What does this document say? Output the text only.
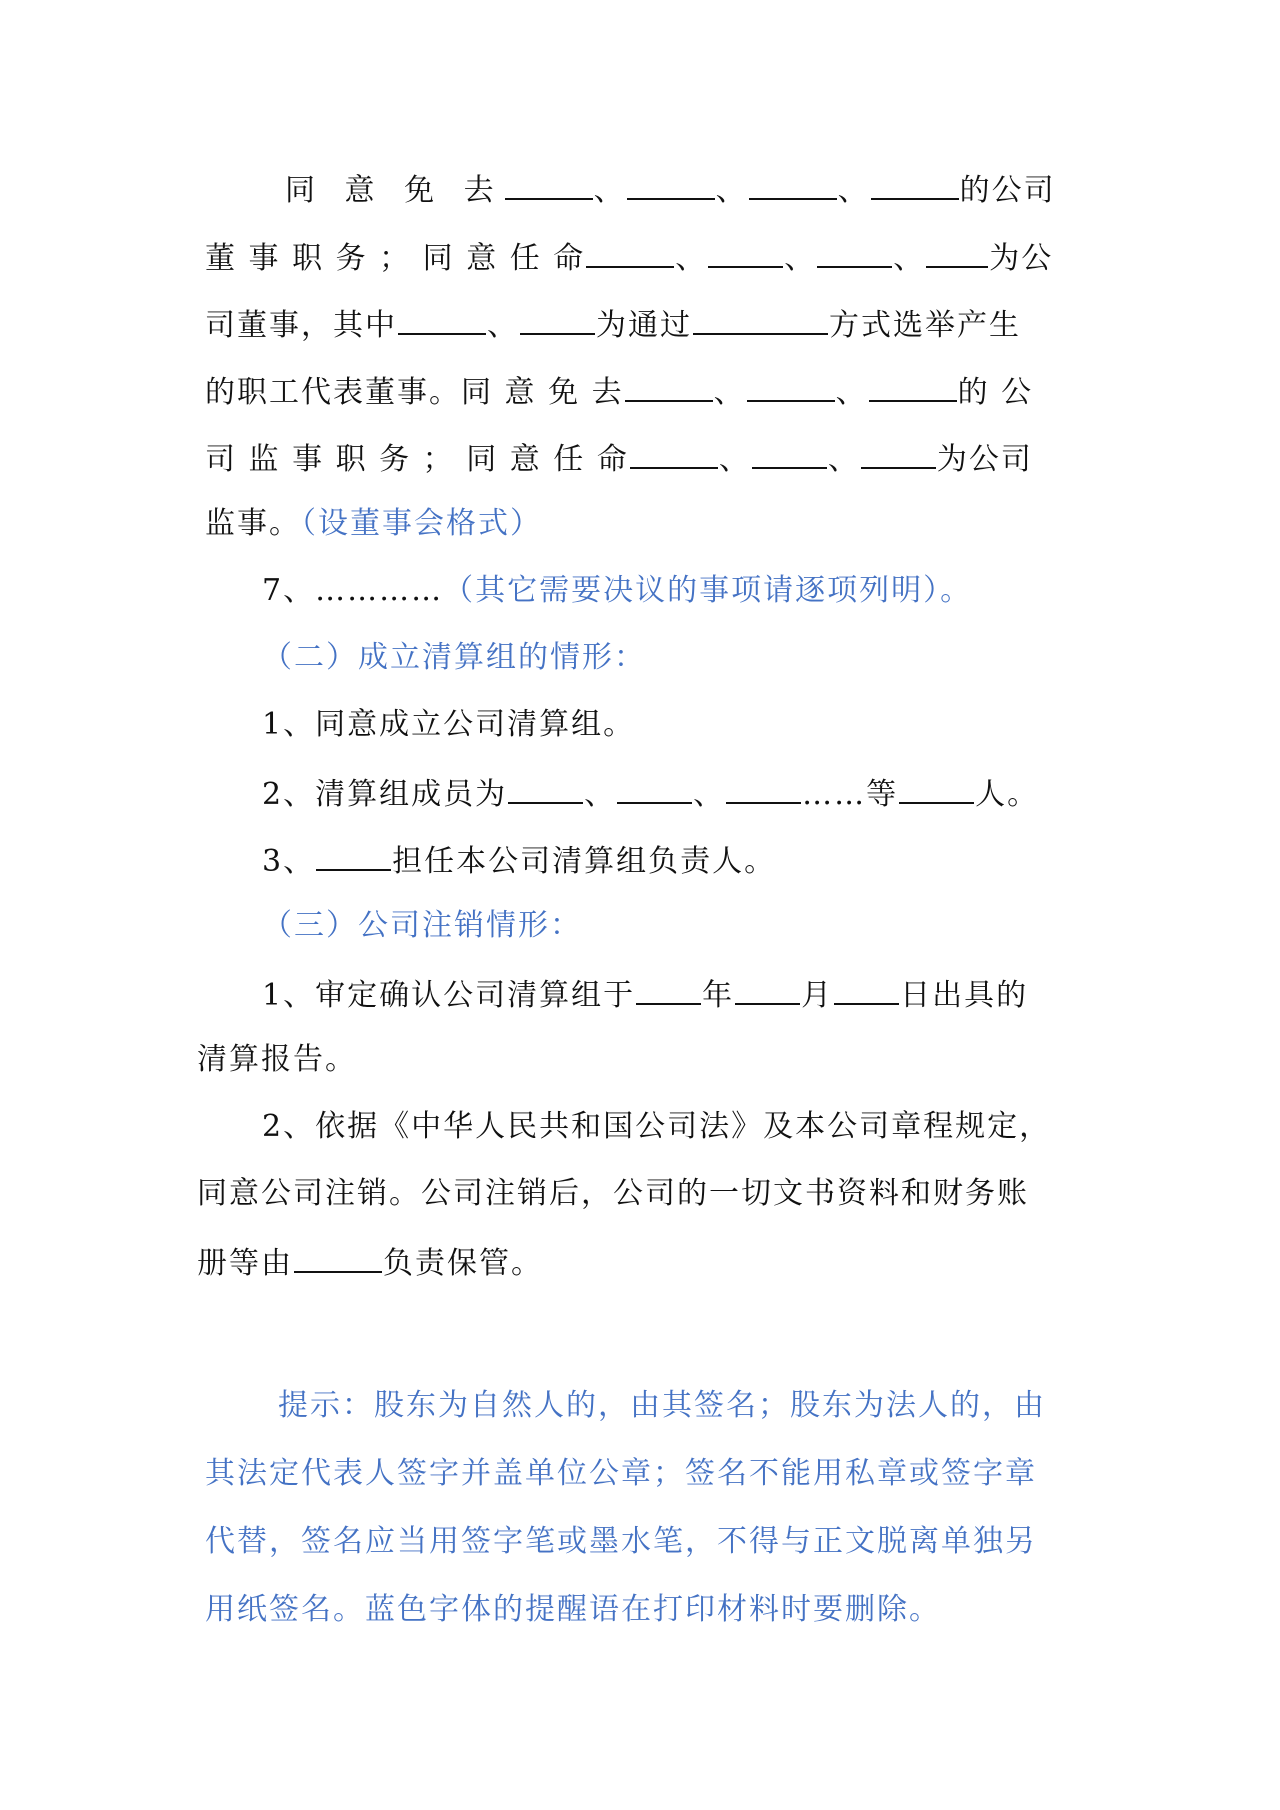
同 意 免 去	、	、	、	的公司
董 事 职 务 ； 同 意 任 命	、	、	、 为公
司董事，其中	、	为通过	方式选举产生
的职工代表董事。同 意 免 去	、	、	的 公
司 监 事 职 务 ； 同 意 任 命	、	、	为公司
监事。（设董事会格式）
7、…………（其它需要决议的事项请逐项列明）。
（二）成立清算组的情形：
1、同意成立公司清算组。
2、清算组成员为	、	、	……等	人。
3、	担任本公司清算组负责人。
（三）公司注销情形：
1、审定确认公司清算组于 年 月 日出具的
清算报告。
2、依据《中华人民共和国公司法》及本公司章程规定，
同意公司注销。公司注销后，公司的一切文书资料和财务账
册等由	负责保管。
提示：股东为自然人的，由其签名；股东为法人的，由
其法定代表人签字并盖单位公章；签名不能用私章或签字章
代替，签名应当用签字笔或墨水笔，不得与正文脱离单独另
用纸签名。蓝色字体的提醒语在打印材料时要删除。
